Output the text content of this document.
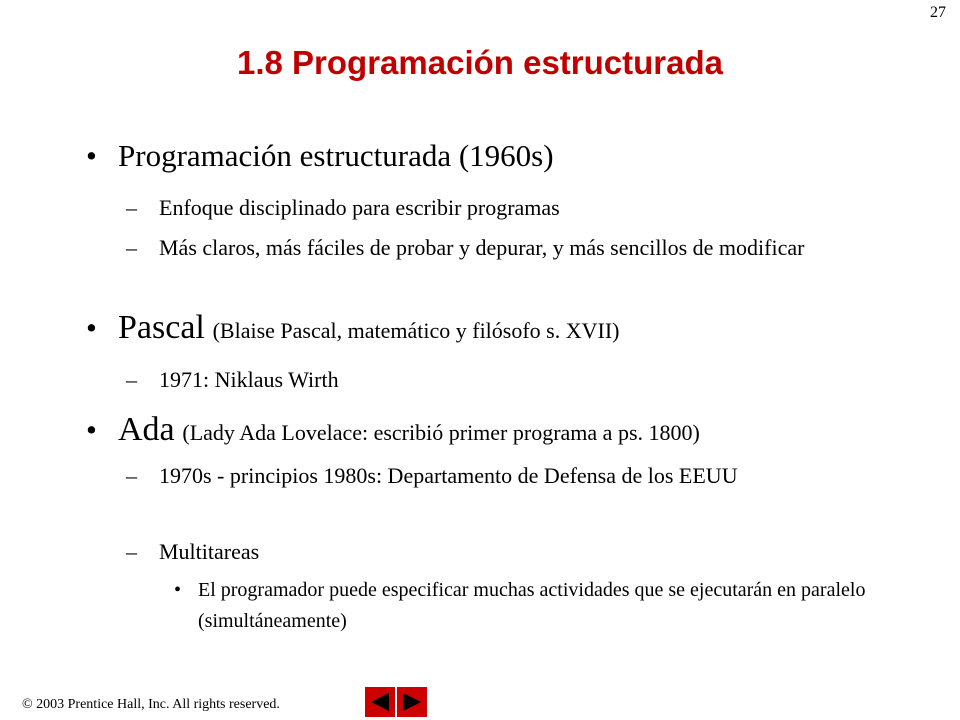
27
1.8 Programación estructurada
• Programación estructurada (1960s)
–	Enfoque disciplinado para escribir programas
–	Más claros, más fáciles de probar y depurar, y más sencillos de modificar
• Pascal (Blaise Pascal, matemático y filósofo s. XVII)
–	1971: Niklaus Wirth
• Ada (Lady Ada Lovelace: escribió primer programa a ps. 1800)
–	1970s - principios 1980s: Departamento de Defensa de los EEUU
–	Multitareas
• El programador puede especificar muchas actividades que se ejecutarán en paralelo (simultáneamente)
© 2003 Prentice Hall, Inc. All rights reserved.
